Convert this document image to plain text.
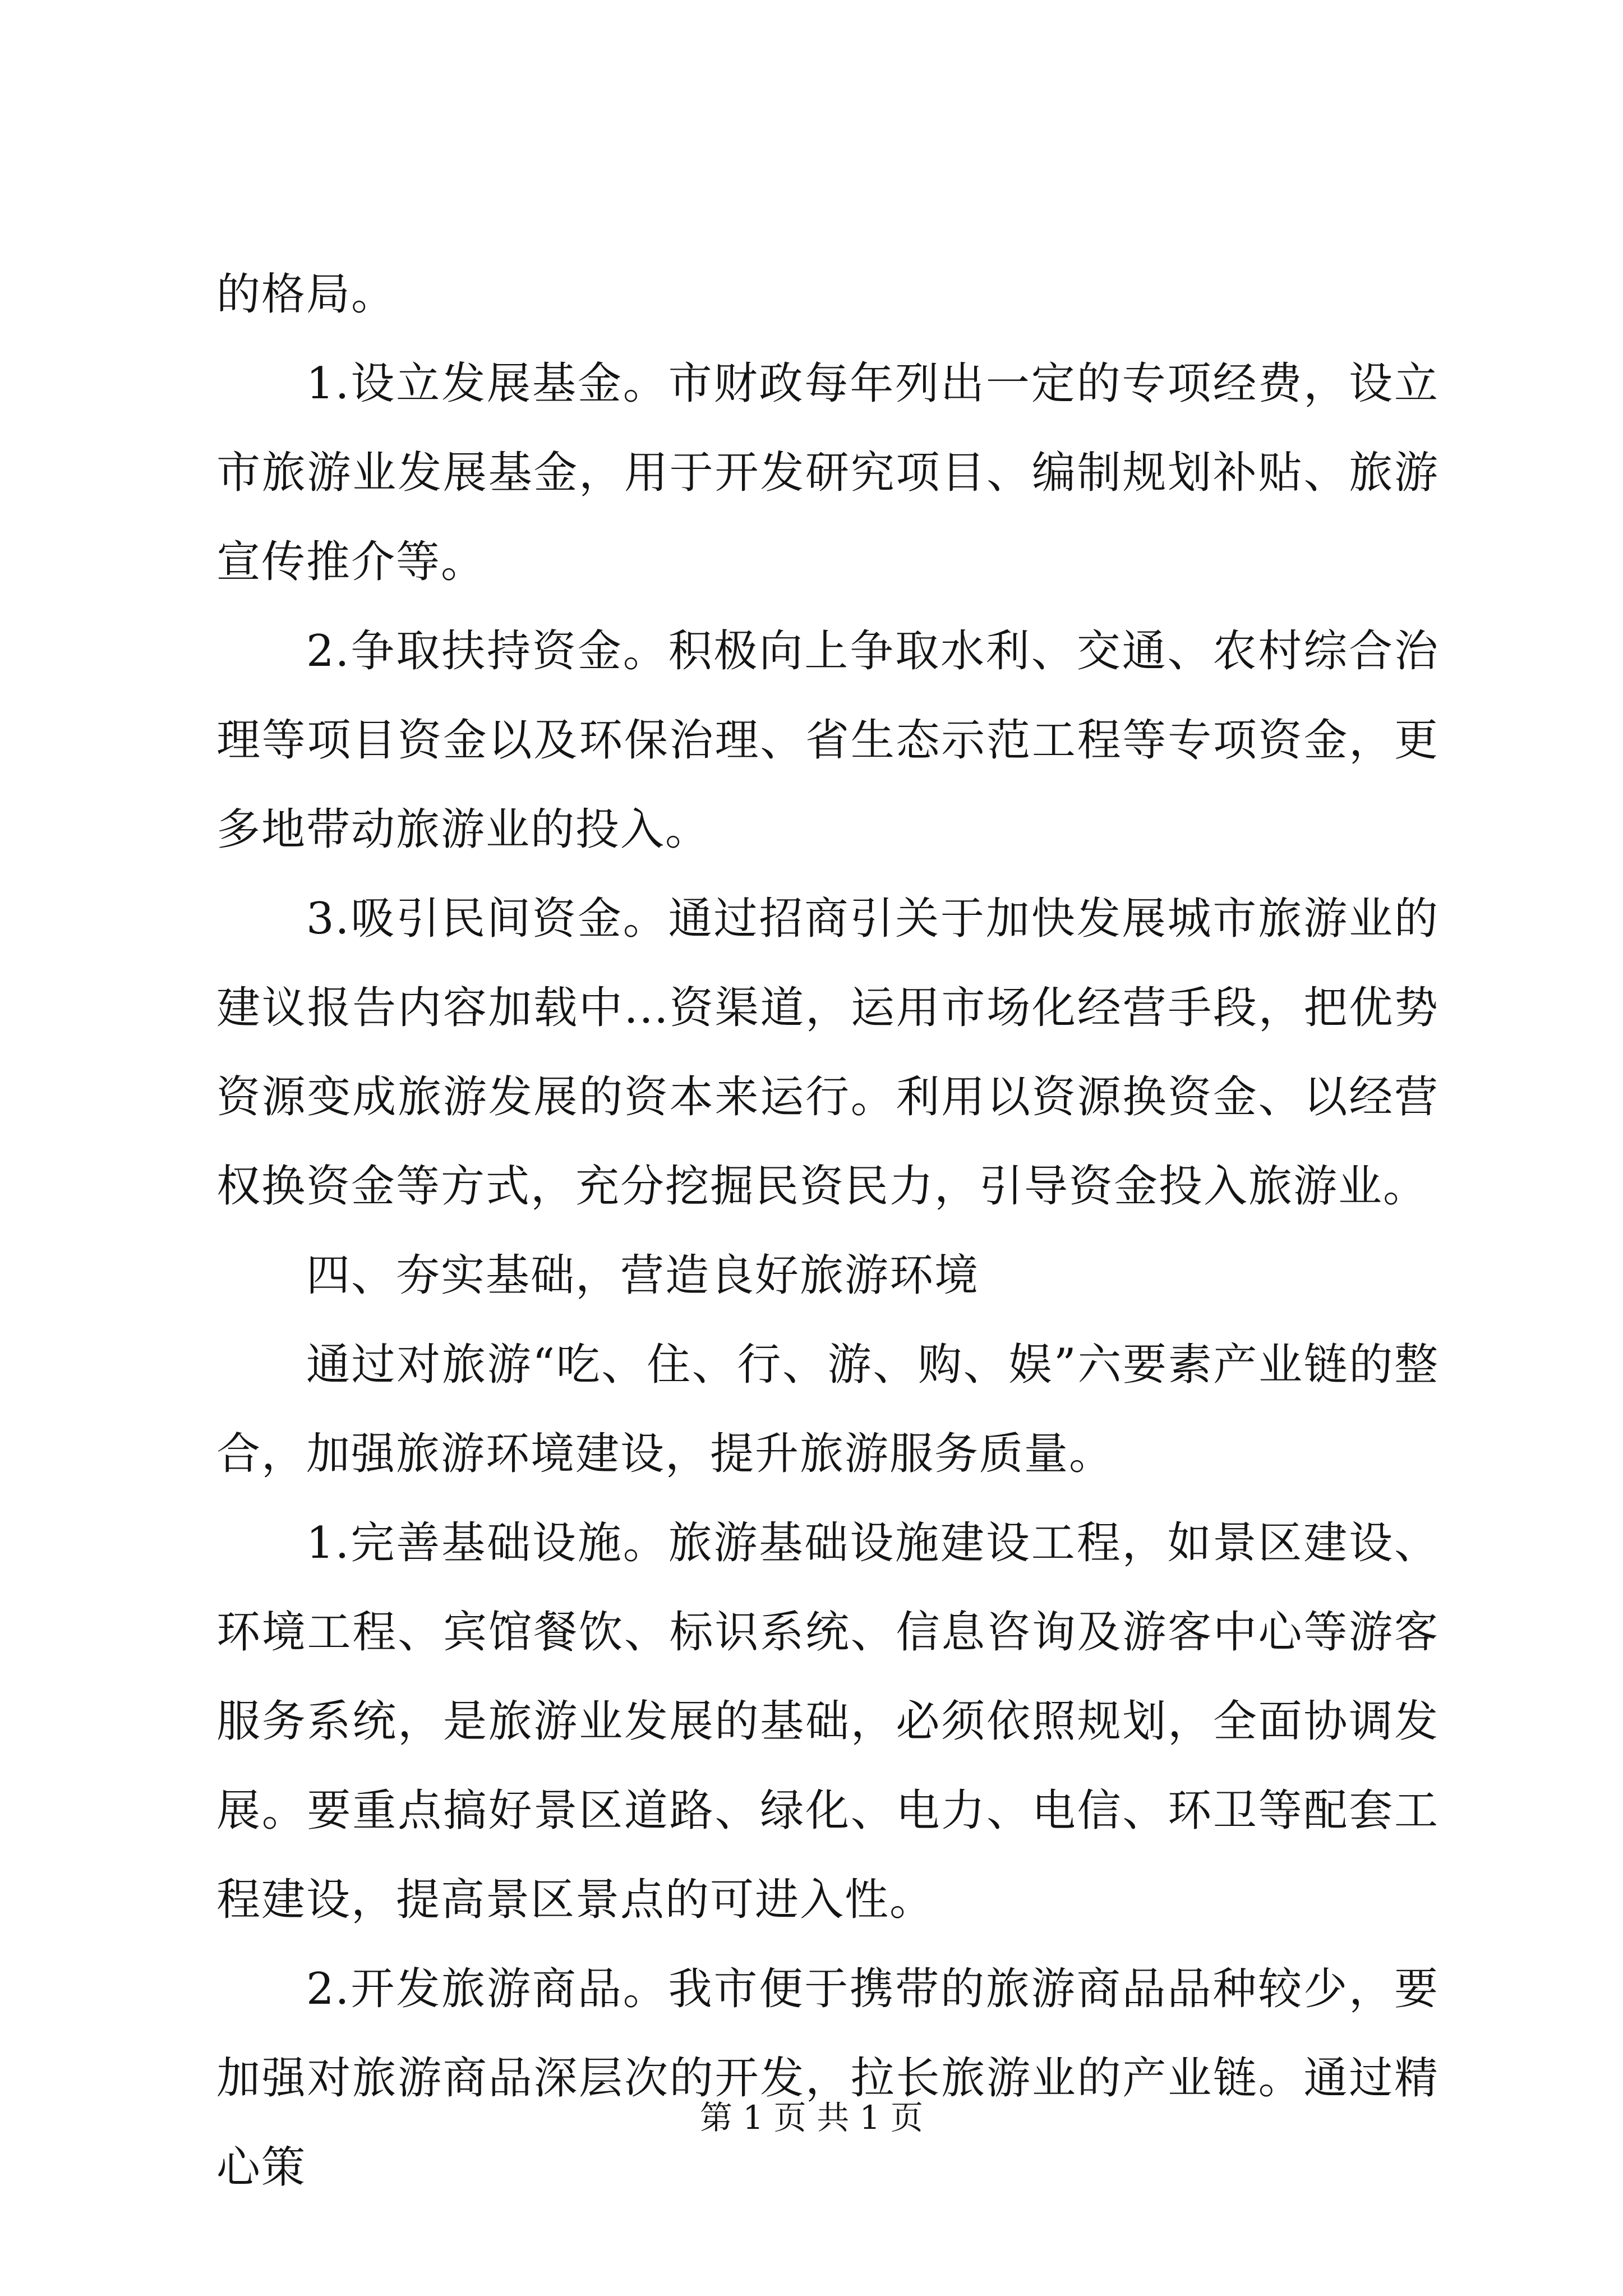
的格局。

1.设立发展基金。市财政每年列出一定的专项经费，设立市旅游业发展基金，用于开发研究项目、编制规划补贴、旅游宣传推介等。

2.争取扶持资金。积极向上争取水利、交通、农村综合治理等项目资金以及环保治理、省生态示范工程等专项资金，更多地带动旅游业的投入。

3.吸引民间资金。通过招商引关于加快发展城市旅游业的建议报告内容加载中...资渠道，运用市场化经营手段，把优势资源变成旅游发展的资本来运行。利用以资源换资金、以经营权换资金等方式，充分挖掘民资民力，引导资金投入旅游业。

四、夯实基础，营造良好旅游环境

通过对旅游“吃、住、行、游、购、娱”六要素产业链的整合，加强旅游环境建设，提升旅游服务质量。

1.完善基础设施。旅游基础设施建设工程，如景区建设、环境工程、宾馆餐饮、标识系统、信息咨询及游客中心等游客服务系统，是旅游业发展的基础，必须依照规划，全面协调发展。要重点搞好景区道路、绿化、电力、电信、环卫等配套工程建设，提高景区景点的可进入性。

2.开发旅游商品。我市便于携带的旅游商品品种较少，要加强对旅游商品深层次的开发，拉长旅游业的产业链。通过精心策

第 1 页 共 1 页
